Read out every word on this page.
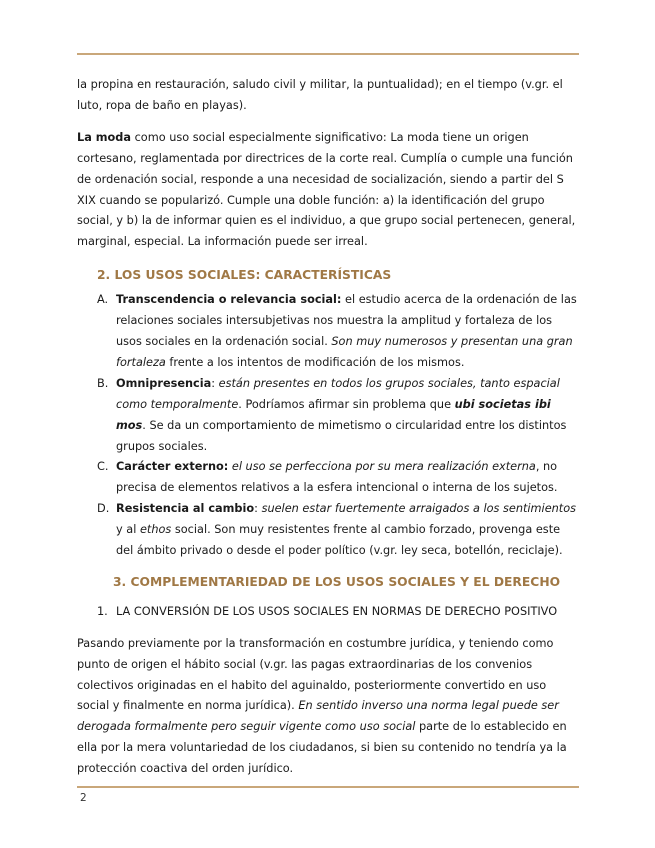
la propina en restauración, saludo civil y militar, la puntualidad); en el tiempo (v.gr. el luto, ropa de baño en playas).

La moda como uso social especialmente significativo: La moda tiene un origen cortesano, reglamentada por directrices de la corte real. Cumplía o cumple una función de ordenación social, responde a una necesidad de socialización, siendo a partir del S XIX cuando se popularizó. Cumple una doble función: a) la identificación del grupo social, y b) la de informar quien es el individuo, a que grupo social pertenecen, general, marginal, especial. La información puede ser irreal.

2. LOS USOS SOCIALES: CARACTERÍSTICAS
A. Transcendencia o relevancia social: el estudio acerca de la ordenación de las relaciones sociales intersubjetivas nos muestra la amplitud y fortaleza de los usos sociales en la ordenación social. Son muy numerosos y presentan una gran fortaleza frente a los intentos de modificación de los mismos.
B. Omnipresencia: están presentes en todos los grupos sociales, tanto espacial como temporalmente. Podríamos afirmar sin problema que ubi societas ibi mos. Se da un comportamiento de mimetismo o circularidad entre los distintos grupos sociales.
C. Carácter externo: el uso se perfecciona por su mera realización externa, no precisa de elementos relativos a la esfera intencional o interna de los sujetos.
D. Resistencia al cambio: suelen estar fuertemente arraigados a los sentimientos y al ethos social. Son muy resistentes frente al cambio forzado, provenga este del ámbito privado o desde el poder político (v.gr. ley seca, botellón, reciclaje).
3. COMPLEMENTARIEDAD DE LOS USOS SOCIALES Y EL DERECHO
1. LA CONVERSIÓN DE LOS USOS SOCIALES EN NORMAS DE DERECHO POSITIVO

Pasando previamente por la transformación en costumbre jurídica, y teniendo como punto de origen el hábito social (v.gr. las pagas extraordinarias de los convenios colectivos originadas en el habito del aguinaldo, posteriormente convertido en uso social y finalmente en norma jurídica). En sentido inverso una norma legal puede ser derogada formalmente pero seguir vigente como uso social parte de lo establecido en ella por la mera voluntariedad de los ciudadanos, si bien su contenido no tendría ya la protección coactiva del orden jurídico.

2
